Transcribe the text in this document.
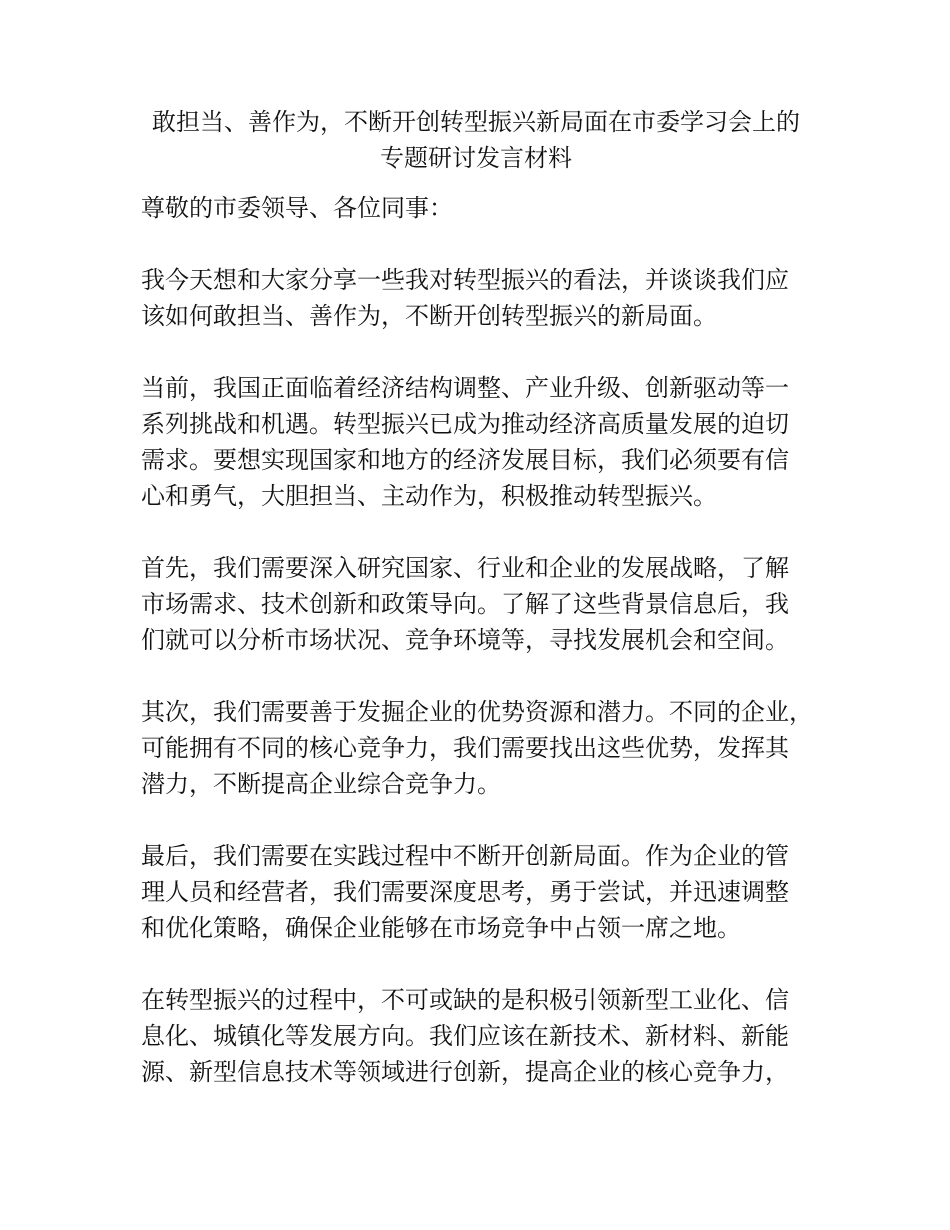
敢担当、善作为，不断开创转型振兴新局面在市委学习会上的
专题研讨发言材料

尊敬的市委领导、各位同事：

我今天想和大家分享一些我对转型振兴的看法，并谈谈我们应
该如何敢担当、善作为，不断开创转型振兴的新局面。

当前，我国正面临着经济结构调整、产业升级、创新驱动等一
系列挑战和机遇。转型振兴已成为推动经济高质量发展的迫切
需求。要想实现国家和地方的经济发展目标，我们必须要有信
心和勇气，大胆担当、主动作为，积极推动转型振兴。

首先，我们需要深入研究国家、行业和企业的发展战略，了解
市场需求、技术创新和政策导向。了解了这些背景信息后，我
们就可以分析市场状况、竞争环境等，寻找发展机会和空间。

其次，我们需要善于发掘企业的优势资源和潜力。不同的企业，
可能拥有不同的核心竞争力，我们需要找出这些优势，发挥其
潜力，不断提高企业综合竞争力。

最后，我们需要在实践过程中不断开创新局面。作为企业的管
理人员和经营者，我们需要深度思考，勇于尝试，并迅速调整
和优化策略，确保企业能够在市场竞争中占领一席之地。

在转型振兴的过程中，不可或缺的是积极引领新型工业化、信
息化、城镇化等发展方向。我们应该在新技术、新材料、新能
源、新型信息技术等领域进行创新，提高企业的核心竞争力，
